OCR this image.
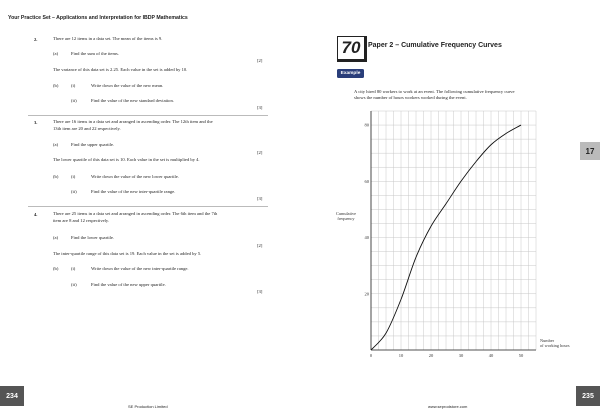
Your Practice Set – Applications and Interpretation for IBDP Mathematics
2.	There are 12 items in a data set. The mean of the items is 9.
(a)	Find the sum of the items.
[2]
The variance of this data set is 2.25. Each value in the set is added by 10.
(b)	(i)	Write down the value of the new mean.
(ii)	Find the value of the new standard deviation.
[3]
3.	There are 16 items in a data set and arranged in ascending order. The 12th item and the
13th item are 20 and 22 respectively.
(a)	Find the upper quartile.
[2]
The lower quartile of this data set is 10. Each value in the set is multiplied by 4.
(b)	(i)	Write down the value of the new lower quartile.
(ii)	Find the value of the new inter-quartile range.
[3]
4.	There are 25 items in a data set and arranged in ascending order. The 6th item and the 7th
item are 8 and 12 respectively.
(a)	Find the lower quartile.
[2]
The inter-quartile range of this data set is 19. Each value in the set is added by 5.
(b)	(i)	Write down the value of the new inter-quartile range.
(ii)	Find the value of the new upper quartile.
[3]
234
SE Production Limited
70	Paper 2 – Cumulative Frequency Curves
Example
A city hired 80 workers to work at an event. The following cumulative frequency curve
shows the number of hours workers worked during the event.
17
0	10	20	30	40	50
20
40
60
80
Cumulative frequency
Number of working hours
235
www.seprodstore.com
